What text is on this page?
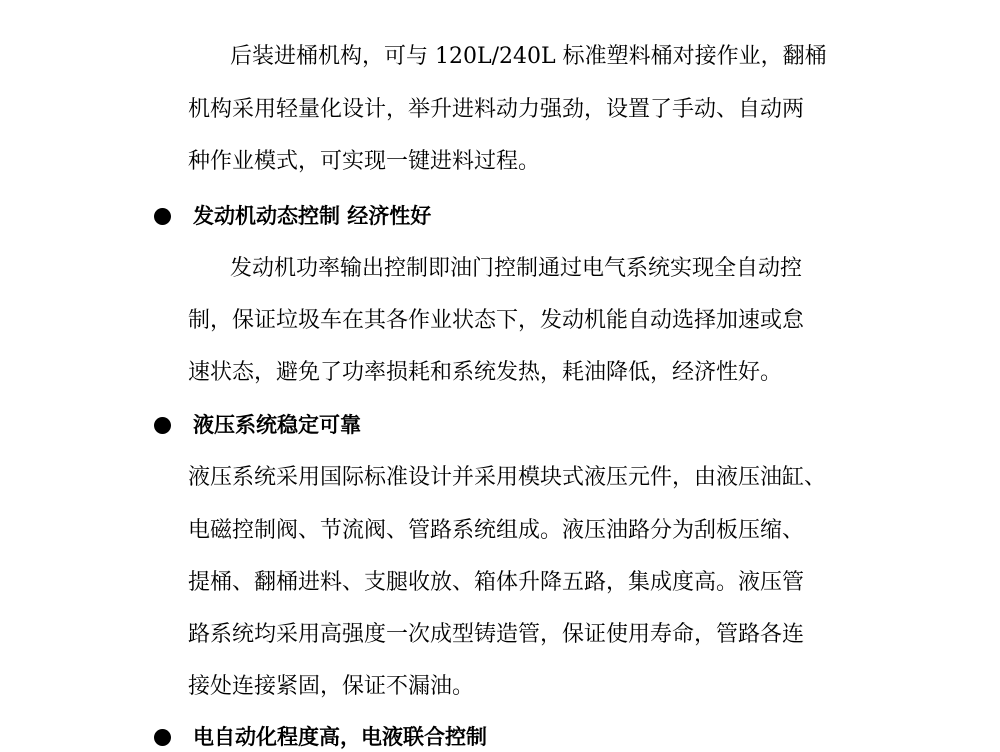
后装进桶机构，可与 120L/240L 标准塑料桶对接作业，翻桶
机构采用轻量化设计，举升进料动力强劲，设置了手动、自动两
种作业模式，可实现一键进料过程。
发动机动态控制 经济性好
发动机功率输出控制即油门控制通过电气系统实现全自动控
制，保证垃圾车在其各作业状态下，发动机能自动选择加速或怠
速状态，避免了功率损耗和系统发热，耗油降低，经济性好。
液压系统稳定可靠
液压系统采用国际标准设计并采用模块式液压元件，由液压油缸、
电磁控制阀、节流阀、管路系统组成。液压油路分为刮板压缩、
提桶、翻桶进料、支腿收放、箱体升降五路，集成度高。液压管
路系统均采用高强度一次成型铸造管，保证使用寿命，管路各连
接处连接紧固，保证不漏油。
电自动化程度高，电液联合控制
